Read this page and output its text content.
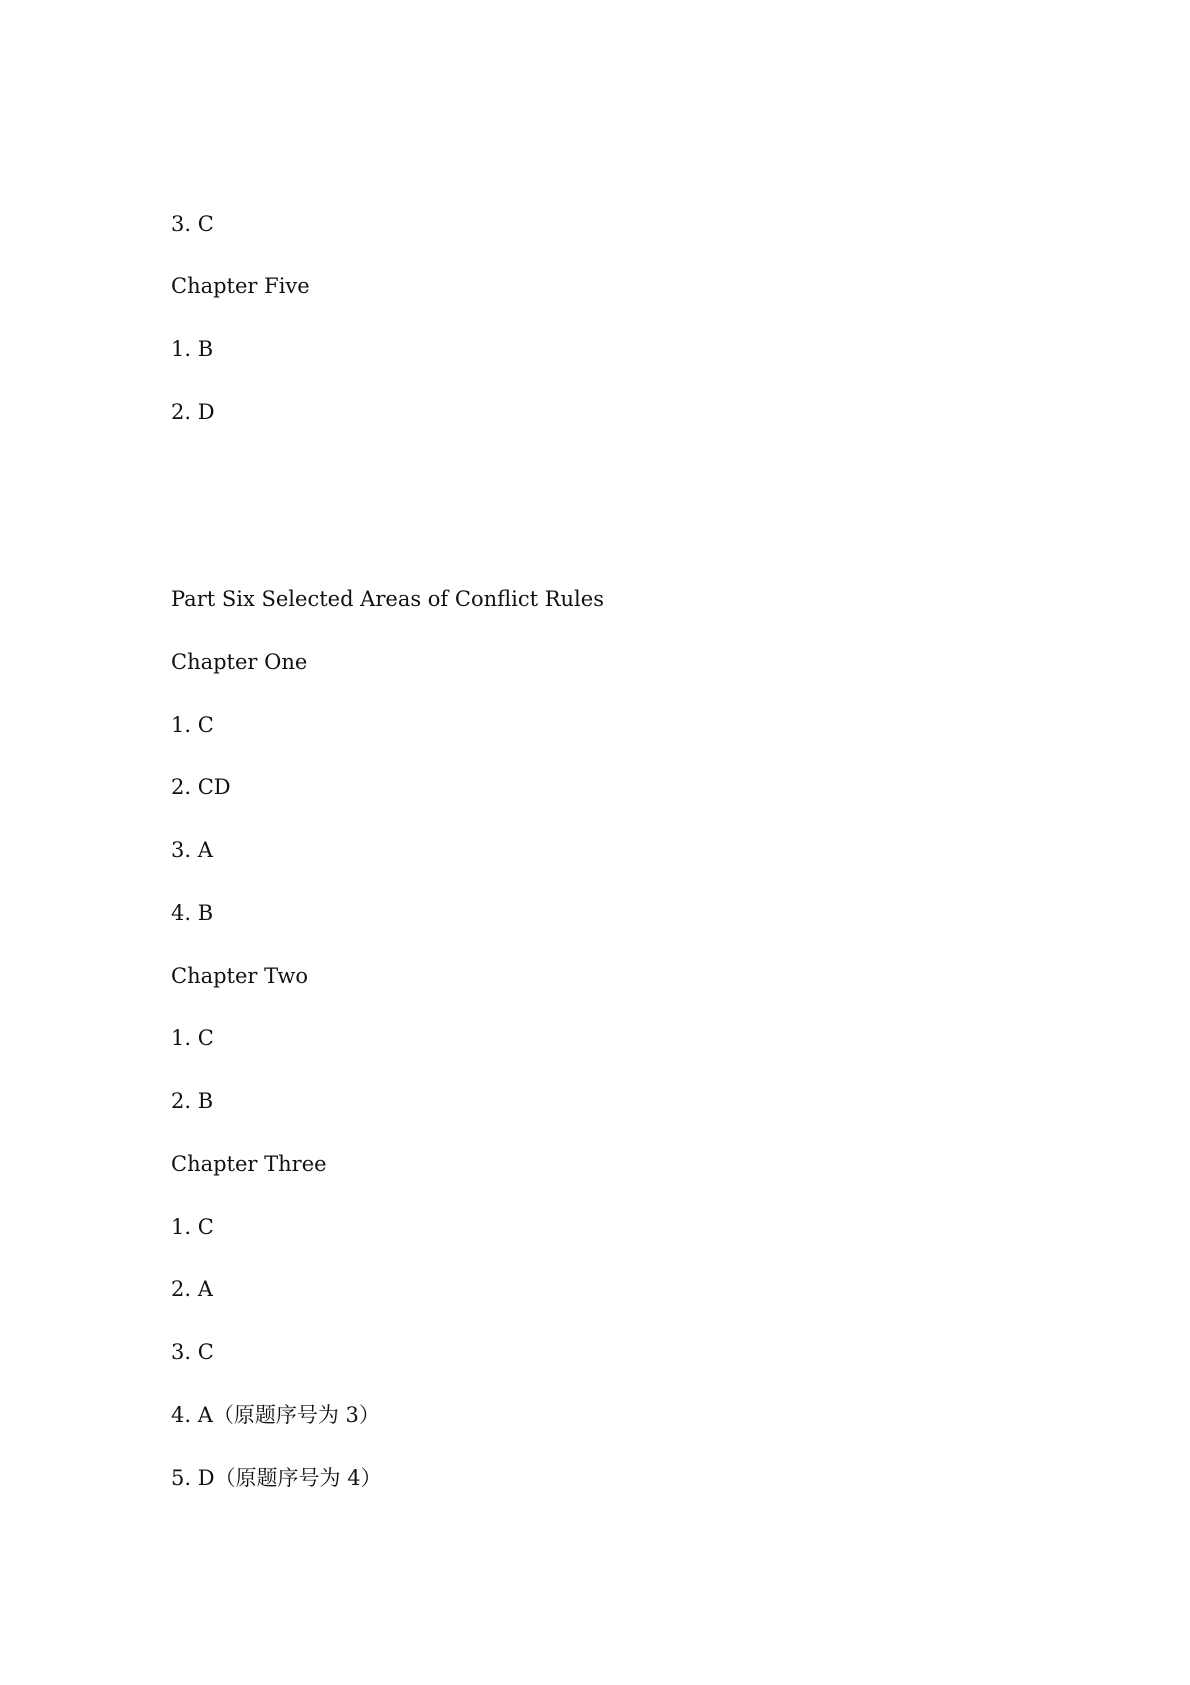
3. C
Chapter Five
1. B
2. D
Part Six Selected Areas of Conflict Rules
Chapter One
1. C
2. CD
3. A
4. B
Chapter Two
1. C
2. B
Chapter Three
1. C
2. A
3. C
4. A（原题序号为 3）
5. D（原题序号为 4）
